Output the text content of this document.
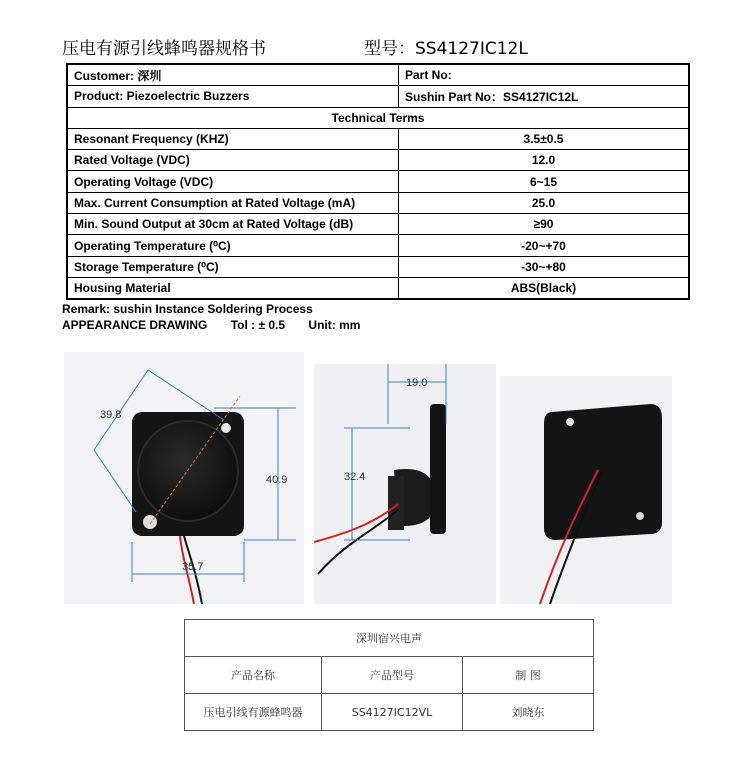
压电有源引线蜂鸣器规格书	型号：SS4127IC12L
Customer: 深圳	Part No:
Product: Piezoelectric Buzzers	Sushin Part No：SS4127IC12L
Technical Terms	
Resonant Frequency (KHZ)	3.5±0.5
Rated Voltage (VDC)	12.0
Operating Voltage (VDC)	6~15
Max. Current Consumption at Rated Voltage (mA)	25.0
Min. Sound Output at 30cm at Rated Voltage (dB)	≥90
Operating Temperature (⁰C)	-20~+70
Storage Temperature (⁰C)	-30~+80
Housing Material	ABS(Black)
Remark: sushin Instance Soldering Process
APPEARANCE DRAWING Tol : ± 0.5 Unit: mm
39.8
40.9
35.7
19.0
32.4
深圳宿兴电声		
产品名称	产品型号	制 图
压电引线有源蜂鸣器	SS4127IC12VL	刘晓东
